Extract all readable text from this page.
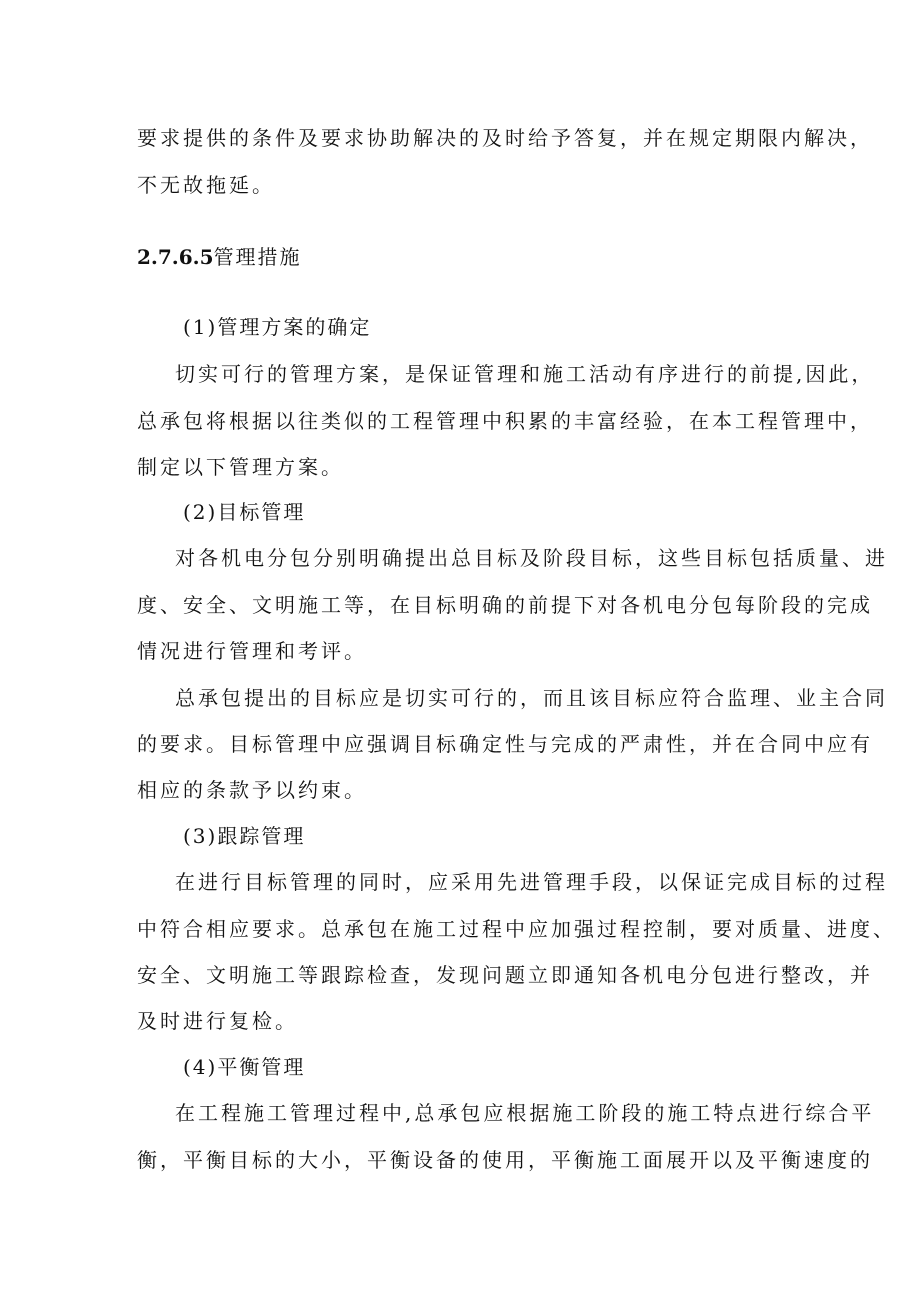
要求提供的条件及要求协助解决的及时给予答复，并在规定期限内解决，
不无故拖延。
2.7.6.5管理措施
(1)管理方案的确定
切实可行的管理方案，是保证管理和施工活动有序进行的前提,因此，
总承包将根据以往类似的工程管理中积累的丰富经验，在本工程管理中，
制定以下管理方案。
(2)目标管理
对各机电分包分别明确提出总目标及阶段目标，这些目标包括质量、进
度、安全、文明施工等，在目标明确的前提下对各机电分包每阶段的完成
情况进行管理和考评。
总承包提出的目标应是切实可行的，而且该目标应符合监理、业主合同
的要求。目标管理中应强调目标确定性与完成的严肃性，并在合同中应有
相应的条款予以约束。
(3)跟踪管理
在进行目标管理的同时，应采用先进管理手段，以保证完成目标的过程
中符合相应要求。总承包在施工过程中应加强过程控制，要对质量、进度、
安全、文明施工等跟踪检查，发现问题立即通知各机电分包进行整改，并
及时进行复检。
(4)平衡管理
在工程施工管理过程中,总承包应根据施工阶段的施工特点进行综合平
衡，平衡目标的大小，平衡设备的使用，平衡施工面展开以及平衡速度的
